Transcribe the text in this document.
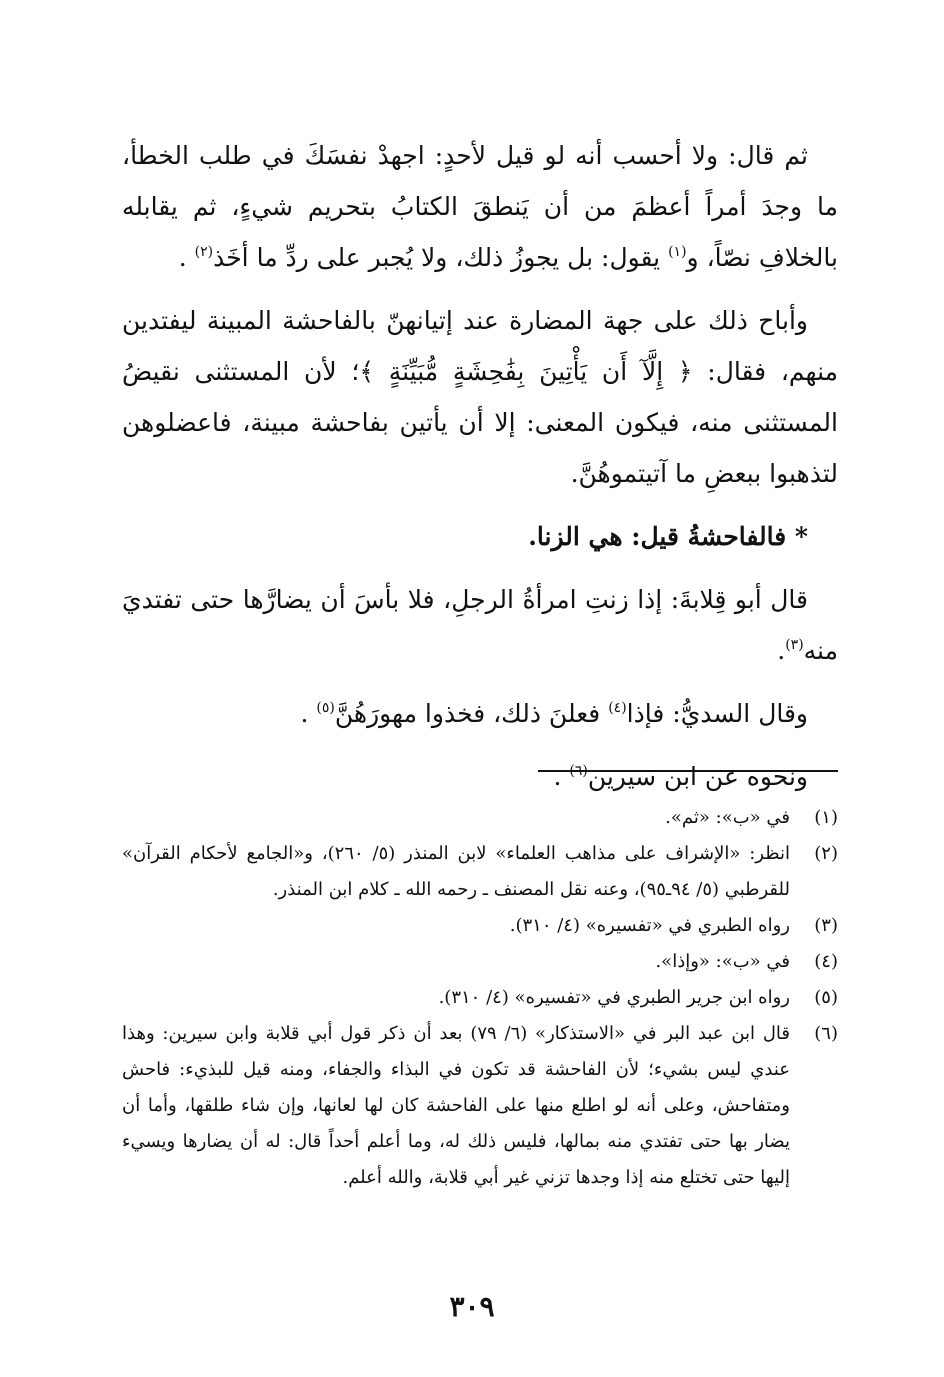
ثم قال: ولا أحسب أنه لو قيل لأحدٍ: اجهدْ نفسَكَ في طلب الخطأ، ما وجدَ أمراً أعظمَ من أن يَنطقَ الكتابُ بتحريم شيءٍ، ثم يقابله بالخلافِ نصّاً، و$^{(١)}$ يقول: بل يجوزُ ذلك، ولا يُجبر على ردِّ ما أخَذ$^{(٢)}$ .

وأباح ذلك على جهة المضارة عند إتيانهنّ بالفاحشة المبينة ليفتدين منهم، فقال: ﴿ إِلَّآ أَن يَأْتِينَ بِفَٰحِشَةٍ مُّبَيِّنَةٍ ﴾؛ لأن المستثنى نقيضُ المستثنى منه، فيكون المعنى: إلا أن يأتين بفاحشة مبينة، فاعضلوهن لتذهبوا ببعضِ ما آتيتموهُنَّ.

* فالفاحشةُ قيل: هي الزنا.

قال أبو قِلابةَ: إذا زنتِ امرأةُ الرجلِ، فلا بأسَ أن يضارَّها حتى تفتديَ منه$^{(٣)}$.

وقال السديُّ: فإذا$^{(٤)}$ فعلنَ ذلك، فخذوا مهورَهُنَّ$^{(٥)}$ .

ونحوه عن ابن سيرين$^{(٦)}$ .

(١)
في «ب»: «ثم».
(٢)
انظر: «الإشراف على مذاهب العلماء» لابن المنذر (٥/ ٢٦٠)، و«الجامع لأحكام القرآن» للقرطبي (٥/ ٩٤ـ٩٥)، وعنه نقل المصنف ـ رحمه الله ـ كلام ابن المنذر.
(٣)
رواه الطبري في «تفسيره» (٤/ ٣١٠).
(٤)
في «ب»: «وإذا».
(٥)
رواه ابن جرير الطبري في «تفسيره» (٤/ ٣١٠).
(٦)
قال ابن عبد البر في «الاستذكار» (٦/ ٧٩) بعد أن ذكر قول أبي قلابة وابن سيرين: وهذا عندي ليس بشيء؛ لأن الفاحشة قد تكون في البذاء والجفاء، ومنه قيل للبذيء: فاحش ومتفاحش، وعلى أنه لو اطلع منها على الفاحشة كان لها لعانها، وإن شاء طلقها، وأما أن يضار بها حتى تفتدي منه بمالها، فليس ذلك له، وما أعلم أحداً قال: له أن يضارها ويسيء إليها حتى تختلع منه إذا وجدها تزني غير أبي قلابة، والله أعلم.
٣٠٩
